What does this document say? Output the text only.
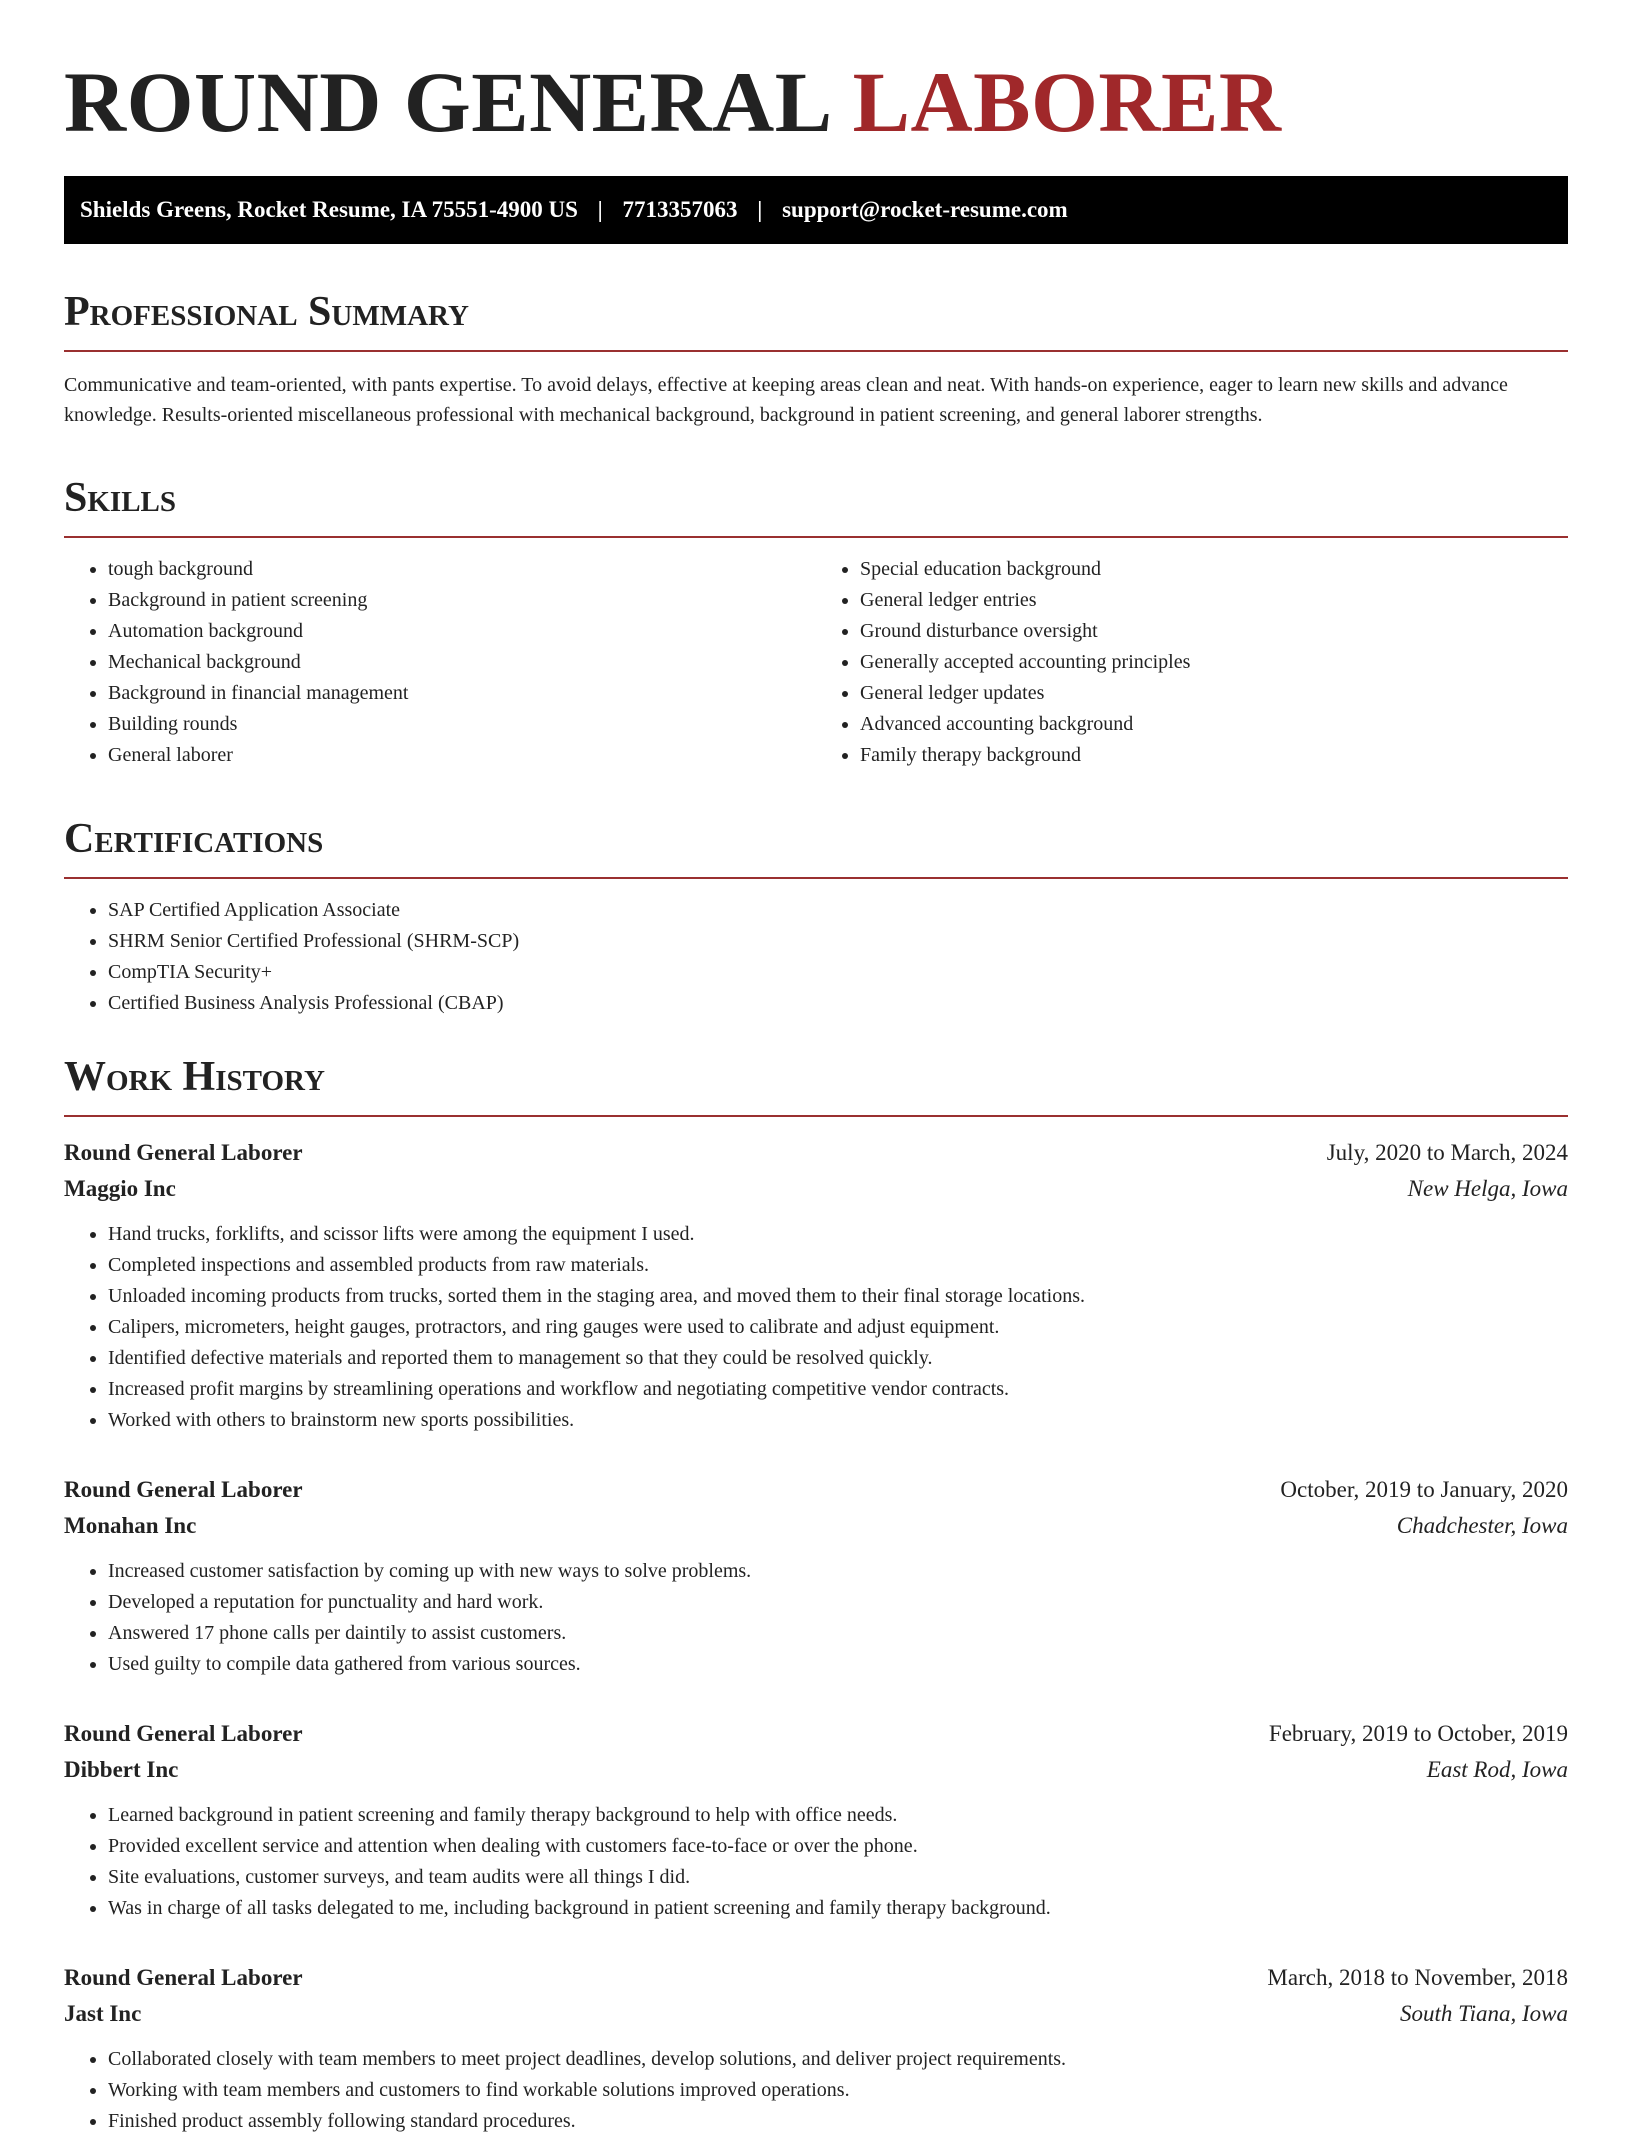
ROUND GENERAL LABORER
Shields Greens, Rocket Resume, IA 75551-4900 US | 7713357063 | support@rocket-resume.com
Professional Summary

Communicative and team-oriented, with pants expertise. To avoid delays, effective at keeping areas clean and neat. With hands-on experience, eager to learn new skills and advance knowledge. Results-oriented miscellaneous professional with mechanical background, background in patient screening, and general laborer strengths.

Skills
• tough background
• Background in patient screening
• Automation background
• Mechanical background
• Background in financial management
• Building rounds
• General laborer
• Special education background
• General ledger entries
• Ground disturbance oversight
• Generally accepted accounting principles
• General ledger updates
• Advanced accounting background
• Family therapy background
Certifications
• SAP Certified Application Associate
• SHRM Senior Certified Professional (SHRM-SCP)
• CompTIA Security+
• Certified Business Analysis Professional (CBAP)
Work History
Round General Laborer	July, 2020 to March, 2024
Maggio Inc	New Helga, Iowa
• Hand trucks, forklifts, and scissor lifts were among the equipment I used.
• Completed inspections and assembled products from raw materials.
• Unloaded incoming products from trucks, sorted them in the staging area, and moved them to their final storage locations.
• Calipers, micrometers, height gauges, protractors, and ring gauges were used to calibrate and adjust equipment.
• Identified defective materials and reported them to management so that they could be resolved quickly.
• Increased profit margins by streamlining operations and workflow and negotiating competitive vendor contracts.
• Worked with others to brainstorm new sports possibilities.
Round General Laborer	October, 2019 to January, 2020
Monahan Inc	Chadchester, Iowa
• Increased customer satisfaction by coming up with new ways to solve problems.
• Developed a reputation for punctuality and hard work.
• Answered 17 phone calls per daintily to assist customers.
• Used guilty to compile data gathered from various sources.
Round General Laborer	February, 2019 to October, 2019
Dibbert Inc	East Rod, Iowa
• Learned background in patient screening and family therapy background to help with office needs.
• Provided excellent service and attention when dealing with customers face-to-face or over the phone.
• Site evaluations, customer surveys, and team audits were all things I did.
• Was in charge of all tasks delegated to me, including background in patient screening and family therapy background.
Round General Laborer	March, 2018 to November, 2018
Jast Inc	South Tiana, Iowa
• Collaborated closely with team members to meet project deadlines, develop solutions, and deliver project requirements.
• Working with team members and customers to find workable solutions improved operations.
• Finished product assembly following standard procedures.
